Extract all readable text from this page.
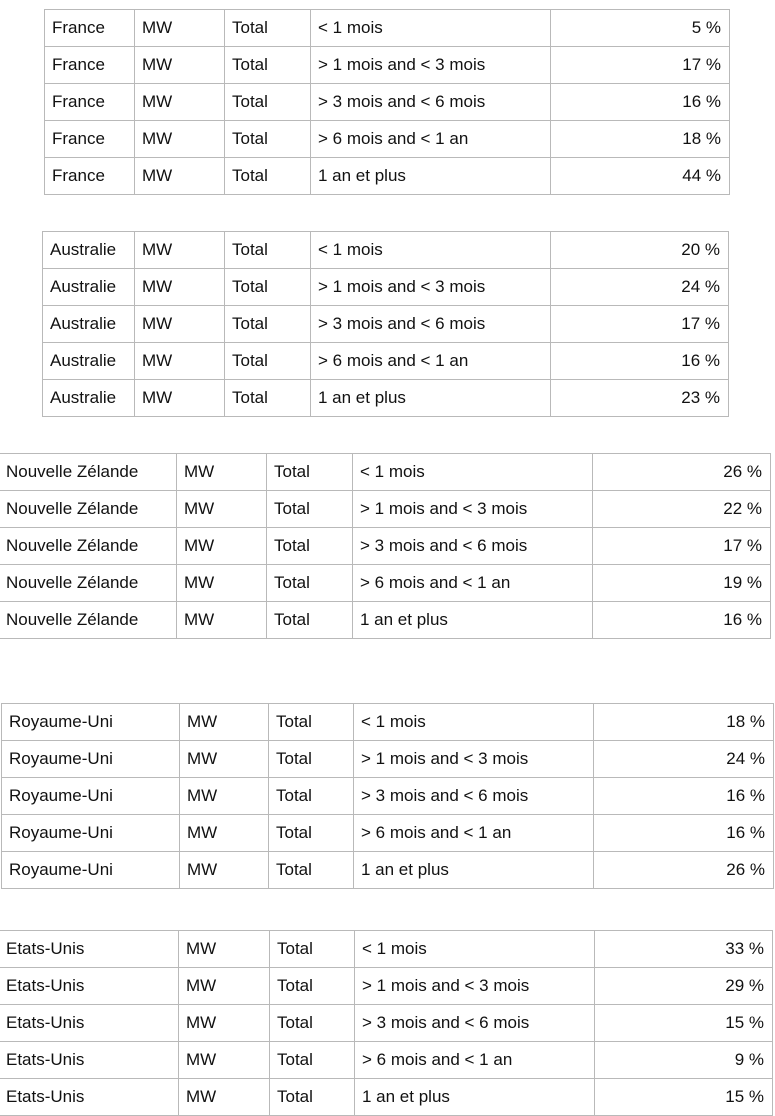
France	MW	Total	< 1 mois	5 %
France	MW	Total	> 1 mois and < 3 mois	17 %
France	MW	Total	> 3 mois and < 6 mois	16 %
France	MW	Total	> 6 mois and < 1 an	18 %
France	MW	Total	1 an et plus	44 %
Australie	MW	Total	< 1 mois	20 %
Australie	MW	Total	> 1 mois and < 3 mois	24 %
Australie	MW	Total	> 3 mois and < 6 mois	17 %
Australie	MW	Total	> 6 mois and < 1 an	16 %
Australie	MW	Total	1 an et plus	23 %
Nouvelle Zélande	MW	Total	< 1 mois	26 %
Nouvelle Zélande	MW	Total	> 1 mois and < 3 mois	22 %
Nouvelle Zélande	MW	Total	> 3 mois and < 6 mois	17 %
Nouvelle Zélande	MW	Total	> 6 mois and < 1 an	19 %
Nouvelle Zélande	MW	Total	1 an et plus	16 %
Royaume-Uni	MW	Total	< 1 mois	18 %
Royaume-Uni	MW	Total	> 1 mois and < 3 mois	24 %
Royaume-Uni	MW	Total	> 3 mois and < 6 mois	16 %
Royaume-Uni	MW	Total	> 6 mois and < 1 an	16 %
Royaume-Uni	MW	Total	1 an et plus	26 %
Etats-Unis	MW	Total	< 1 mois	33 %
Etats-Unis	MW	Total	> 1 mois and < 3 mois	29 %
Etats-Unis	MW	Total	> 3 mois and < 6 mois	15 %
Etats-Unis	MW	Total	> 6 mois and < 1 an	9 %
Etats-Unis	MW	Total	1 an et plus	15 %
